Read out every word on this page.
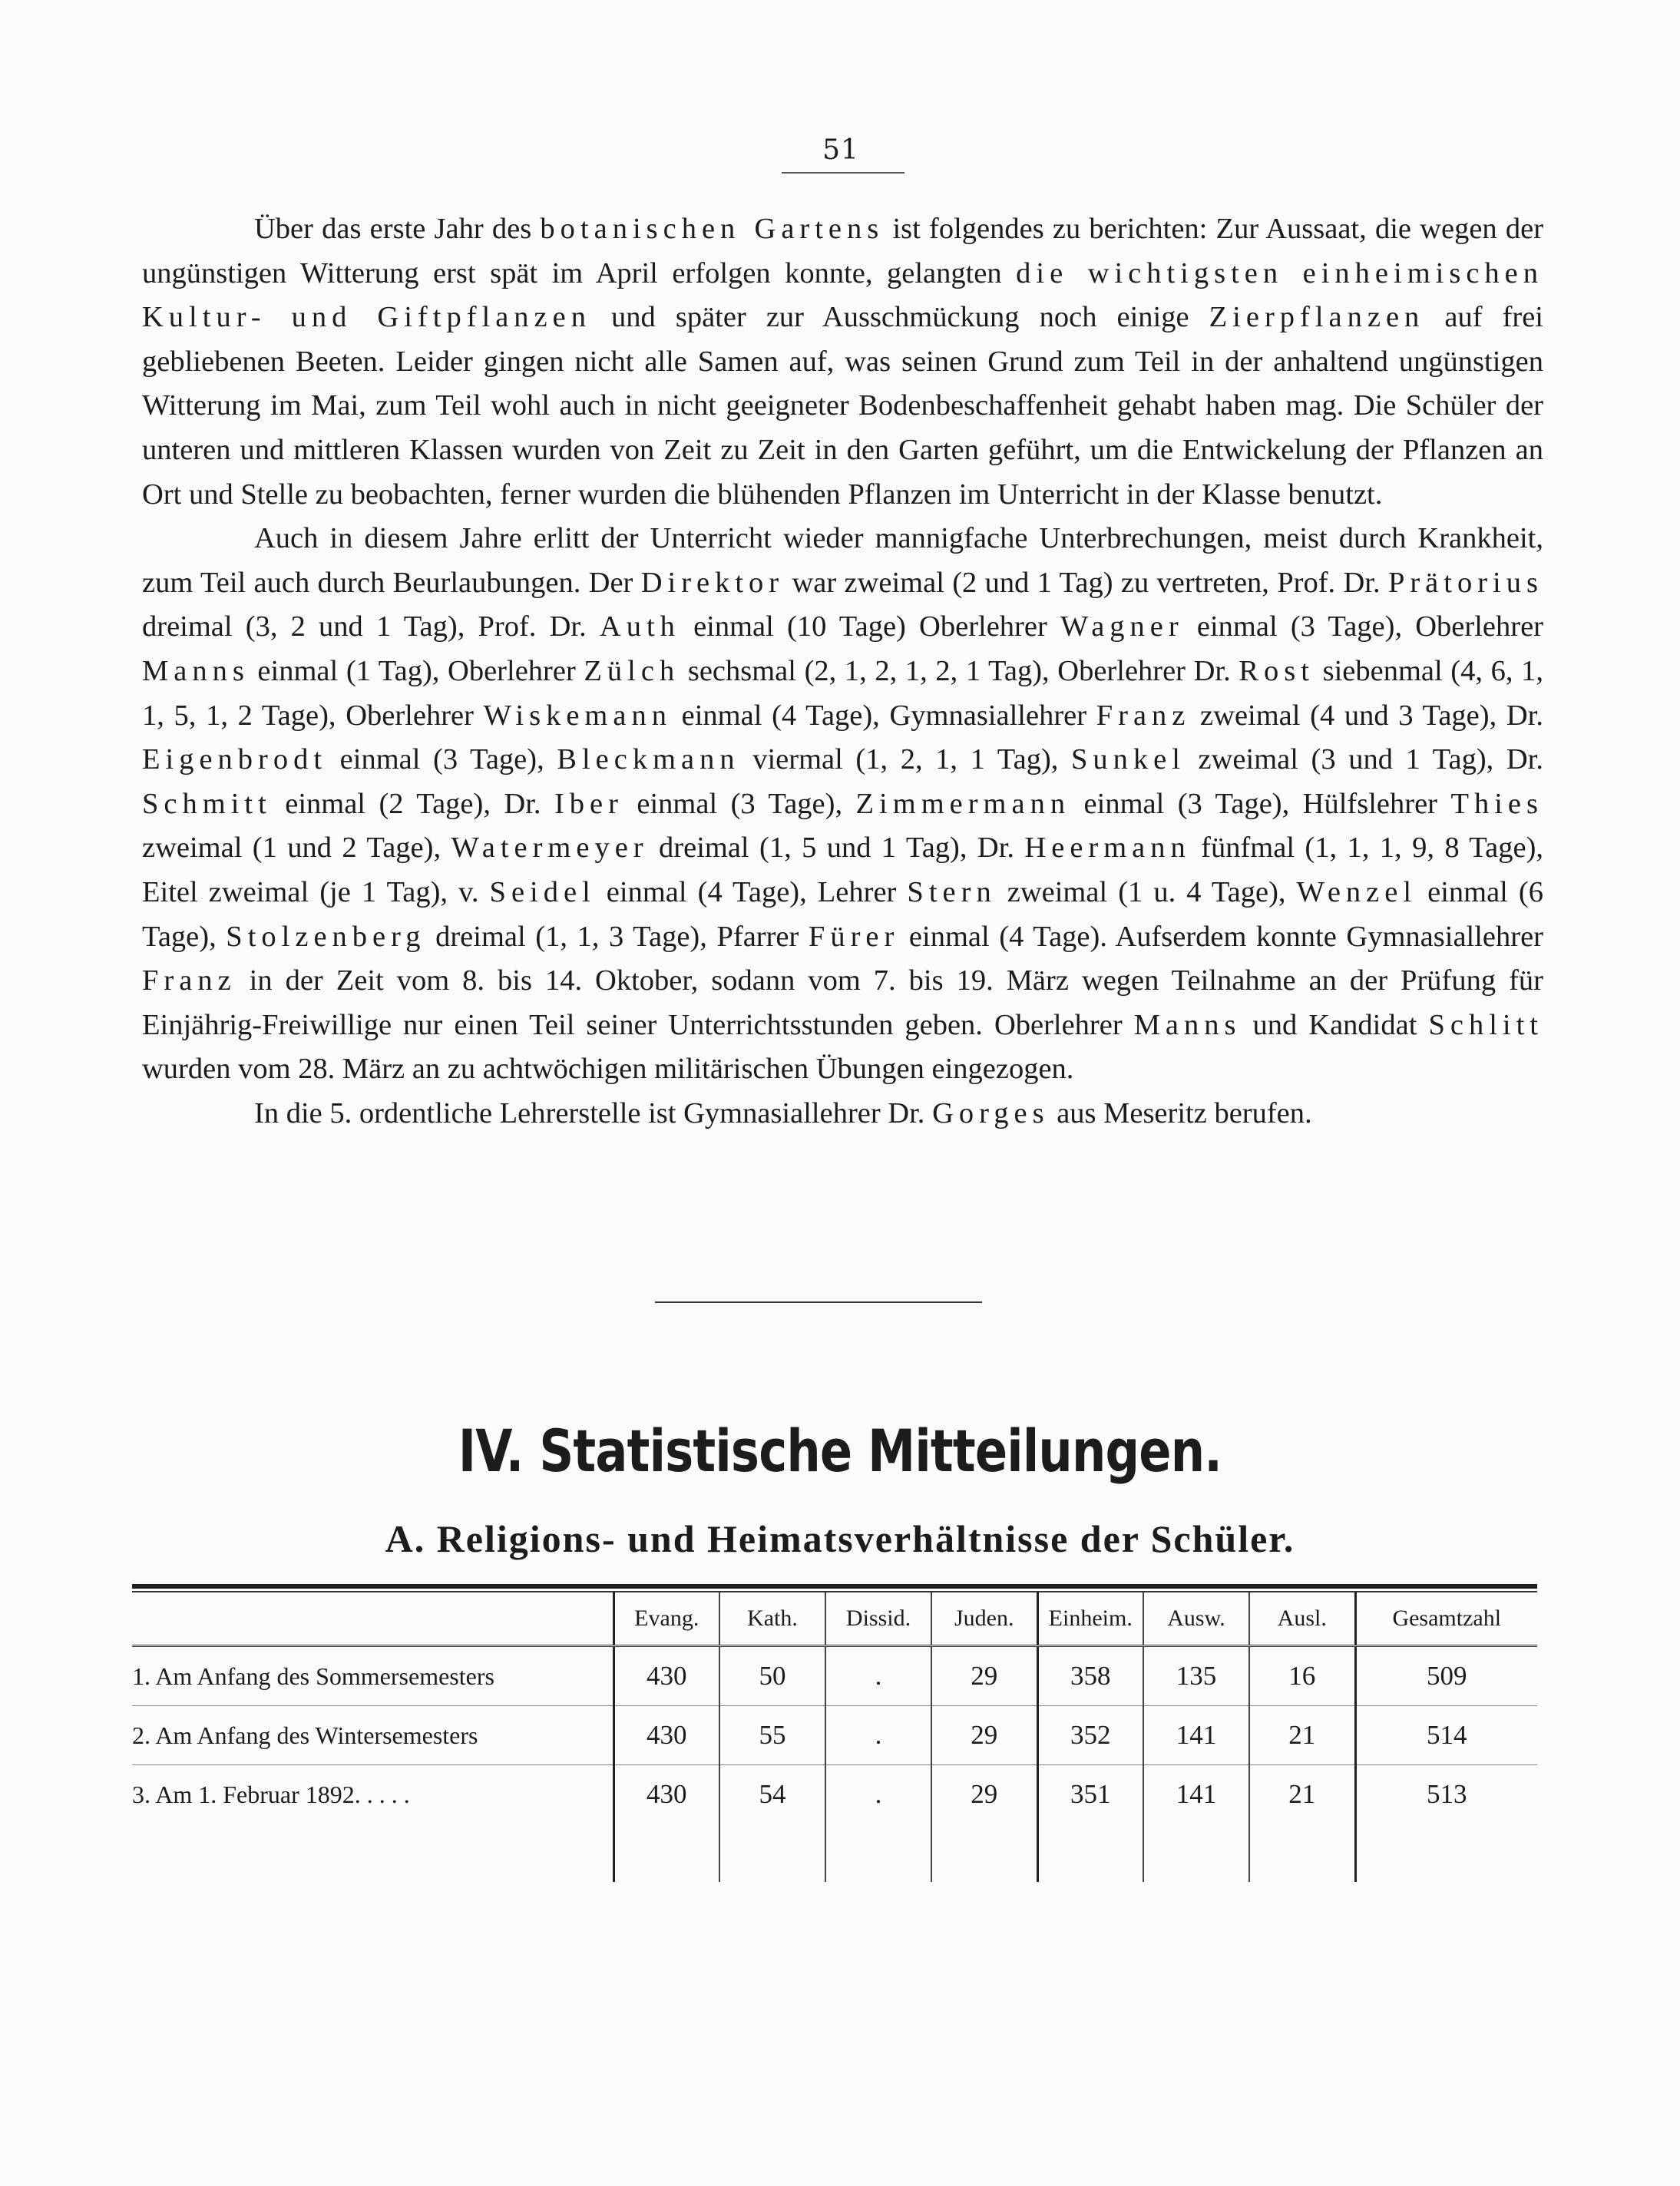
51

Über das erste Jahr des botanischen Gartens ist folgendes zu berichten: Zur Aussaat, die wegen der ungünstigen Witterung erst spät im April erfolgen konnte, gelangten die wichtigsten einheimischen Kultur- und Giftpflanzen und später zur Ausschmückung noch einige Zierpflanzen auf frei gebliebenen Beeten. Leider gingen nicht alle Samen auf, was seinen Grund zum Teil in der anhaltend ungünstigen Witterung im Mai, zum Teil wohl auch in nicht geeigneter Bodenbeschaffenheit gehabt haben mag. Die Schüler der unteren und mittleren Klassen wurden von Zeit zu Zeit in den Garten geführt, um die Entwickelung der Pflanzen an Ort und Stelle zu beobachten, ferner wurden die blühenden Pflanzen im Unterricht in der Klasse benutzt.

Auch in diesem Jahre erlitt der Unterricht wieder mannigfache Unterbrechungen, meist durch Krankheit, zum Teil auch durch Beurlaubungen. Der Direktor war zweimal (2 und 1 Tag) zu vertreten, Prof. Dr. Prätorius dreimal (3, 2 und 1 Tag), Prof. Dr. Auth einmal (10 Tage) Oberlehrer Wagner einmal (3 Tage), Oberlehrer Manns einmal (1 Tag), Oberlehrer Zülch sechsmal (2, 1, 2, 1, 2, 1 Tag), Oberlehrer Dr. Rost siebenmal (4, 6, 1, 1, 5, 1, 2 Tage), Oberlehrer Wiskemann einmal (4 Tage), Gymnasiallehrer Franz zweimal (4 und 3 Tage), Dr. Eigenbrodt einmal (3 Tage), Bleckmann viermal (1, 2, 1, 1 Tag), Sunkel zweimal (3 und 1 Tag), Dr. Schmitt einmal (2 Tage), Dr. Iber einmal (3 Tage), Zimmermann einmal (3 Tage), Hülfslehrer Thies zweimal (1 und 2 Tage), Watermeyer dreimal (1, 5 und 1 Tag), Dr. Heermann fünfmal (1, 1, 1, 9, 8 Tage), Eitel zweimal (je 1 Tag), v. Seidel einmal (4 Tage), Lehrer Stern zweimal (1 u. 4 Tage), Wenzel einmal (6 Tage), Stolzenberg dreimal (1, 1, 3 Tage), Pfarrer Fürer einmal (4 Tage). Aufserdem konnte Gymnasiallehrer Franz in der Zeit vom 8. bis 14. Oktober, sodann vom 7. bis 19. März wegen Teilnahme an der Prüfung für Einjährig-Freiwillige nur einen Teil seiner Unterrichtsstunden geben. Oberlehrer Manns und Kandidat Schlitt wurden vom 28. März an zu achtwöchigen militärischen Übungen eingezogen.

In die 5. ordentliche Lehrerstelle ist Gymnasiallehrer Dr. Gorges aus Meseritz berufen.

IV. Statistische Mitteilungen.
A. Religions- und Heimatsverhältnisse der Schüler.
	Evang.	Kath.	Dissid.	Juden.	Einheim.	Ausw.	Ausl.	Gesamtzahl
1. Am Anfang des Sommersemesters	430	50	.	29	358	135	16	509
2. Am Anfang des Wintersemesters	430	55	.	29	352	141	21	514
3. Am 1. Februar 1892. . . . .	430	54	.	29	351	141	21	513
